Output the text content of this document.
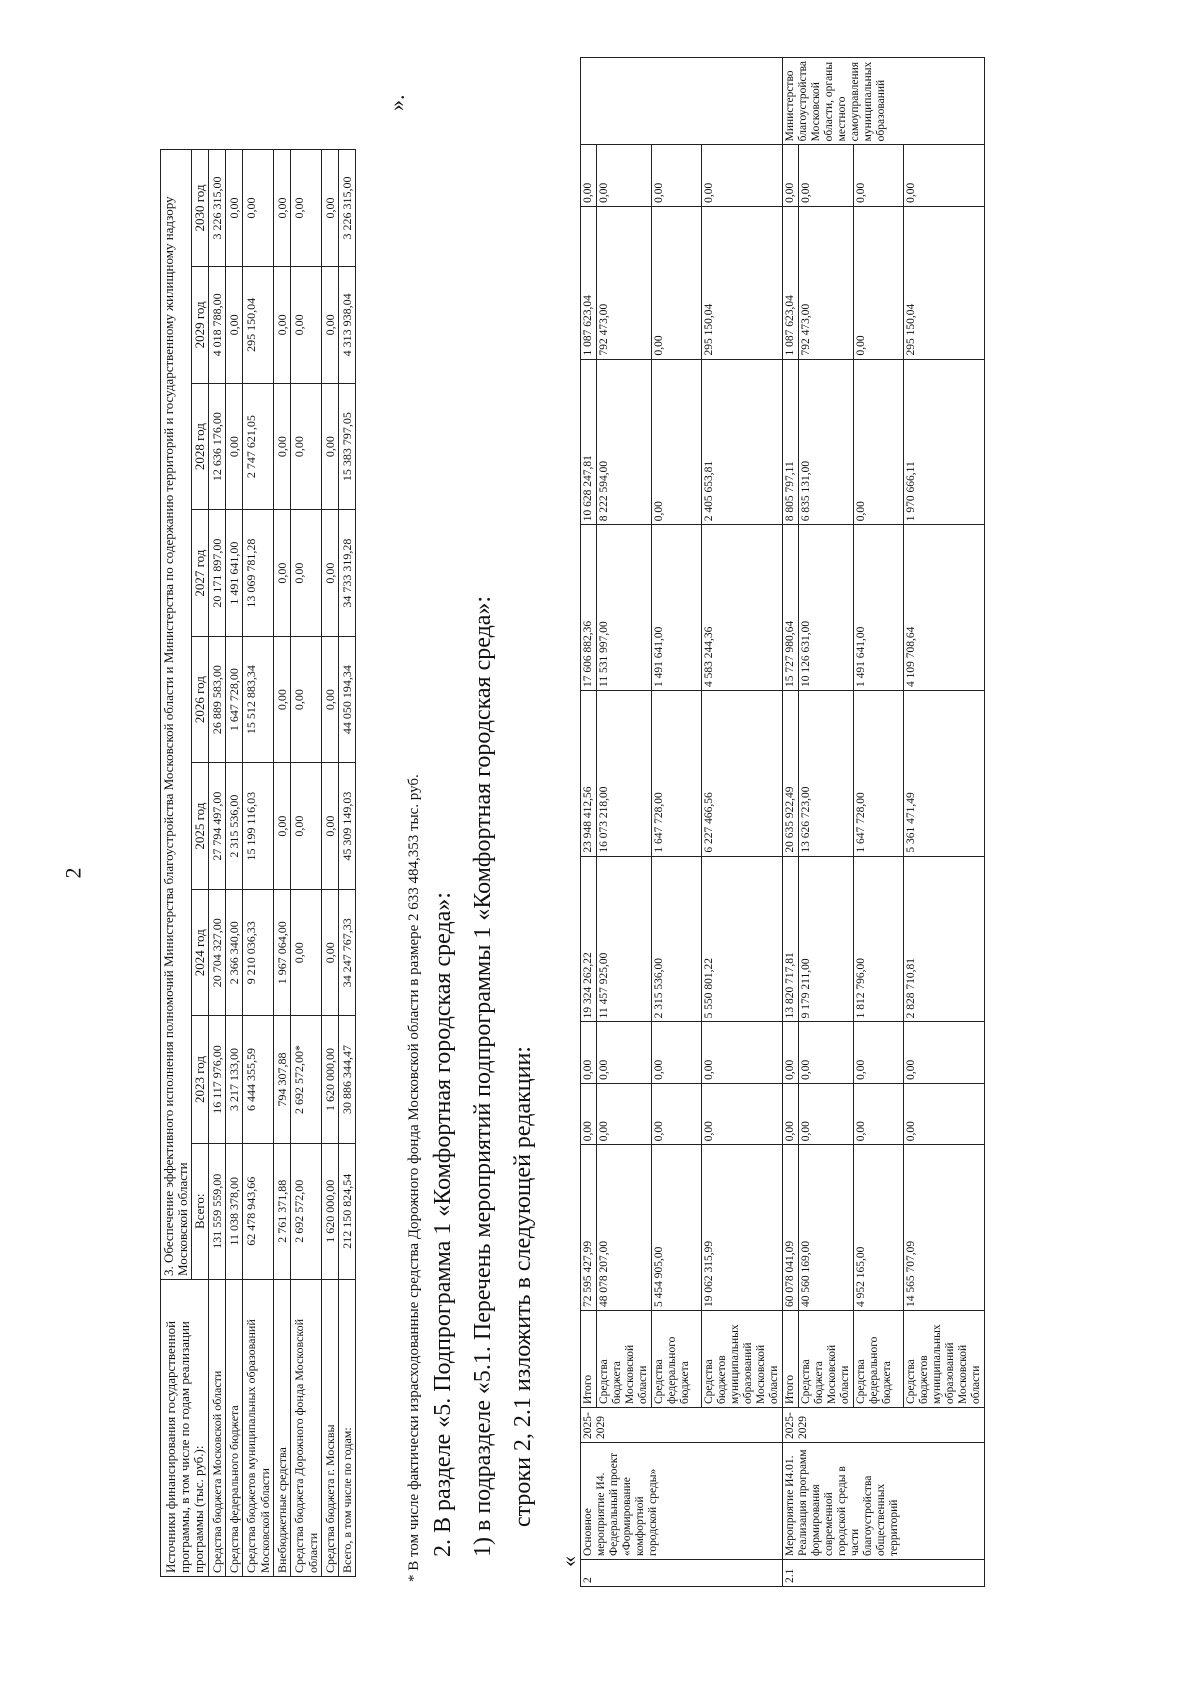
2
Источники финансирования государственной программы, в том числе по годам реализации программы (тыс. руб.):	3. Обеспечение эффективного исполнения полномочий Министерства благоустройства Московской области и Министерства по содержанию территорий и государственному жилищному надзору Московской области								
	Всего:	2023 год	2024 год	2025 год	2026 год	2027 год	2028 год	2029 год	2030 год
Средства бюджета Московской области	131 559 559,00	16 117 976,00	20 704 327,00	27 794 497,00	26 889 583,00	20 171 897,00	12 636 176,00	4 018 788,00	3 226 315,00
Средства федерального бюджета	11 038 378,00	3 217 133,00	2 366 340,00	2 315 536,00	1 647 728,00	1 491 641,00	0,00	0,00	0,00
Средства бюджетов муниципальных образований Московской области	62 478 943,66	6 444 355,59	9 210 036,33	15 199 116,03	15 512 883,34	13 069 781,28	2 747 621,05	295 150,04	0,00
Внебюджетные средства	2 761 371,88	794 307,88	1 967 064,00	0,00	0,00	0,00	0,00	0,00	0,00
Средства бюджета Дорожного фонда Московской области	2 692 572,00	2 692 572,00*	0,00	0,00	0,00	0,00	0,00	0,00	0,00
Средства бюджета г. Москвы	1 620 000,00	1 620 000,00	0,00	0,00	0,00	0,00	0,00	0,00	0,00
Всего, в том числе по годам:	212 150 824,54	30 886 344,47	34 247 767,33	45 309 149,03	44 050 194,34	34 733 319,28	15 383 797,05	4 313 938,04	3 226 315,00
».
* В том числе фактически израсходованные средства Дорожного фонда Московской области в размере 2 633 484,353 тыс. руб. 2. В разделе «5. Подпрограмма 1 «Комфортная городская среда»: 1) в подразделе «5.1. Перечень мероприятий подпрограммы 1 «Комфортная городская среда»: строки 2, 2.1 изложить в следующей редакции:
«
2	Основное мероприятие И4. Федеральный проект «Формирование комфортной городской среды»	2025-2029	Итого	72 595 427,99	0,00	0,00	19 324 262,22	23 948 412,56	17 606 882,36	10 628 247,81	1 087 623,04	0,00	
			Средства бюджета Московской области	48 078 207,00	0,00	0,00	11 457 925,00	16 073 218,00	11 531 997,00	8 222 594,00	792 473,00	0,00	
			Средства федерального бюджета	5 454 905,00	0,00	0,00	2 315 536,00	1 647 728,00	1 491 641,00	0,00	0,00	0,00	
			Средства бюджетов муниципальных образований Московской области	19 062 315,99	0,00	0,00	5 550 801,22	6 227 466,56	4 583 244,36	2 405 653,81	295 150,04	0,00	
2.1	Мероприятие И4.01. Реализация программ формирования современной городской среды в части благоустройства общественных территорий	2025-2029	Итого	60 078 041,09	0,00	0,00	13 820 717,81	20 635 922,49	15 727 980,64	8 805 797,11	1 087 623,04	0,00	Министерство благоустройства Московской области, органы местного самоуправления муниципальных образований
			Средства бюджета Московской области	40 560 169,00	0,00	0,00	9 179 211,00	13 626 723,00	10 126 631,00	6 835 131,00	792 473,00	0,00	
			Средства федерального бюджета	4 952 165,00	0,00	0,00	1 812 796,00	1 647 728,00	1 491 641,00	0,00	0,00	0,00	
			Средства бюджетов муниципальных образований Московской области	14 565 707,09	0,00	0,00	2 828 710,81	5 361 471,49	4 109 708,64	1 970 666,11	295 150,04	0,00	
